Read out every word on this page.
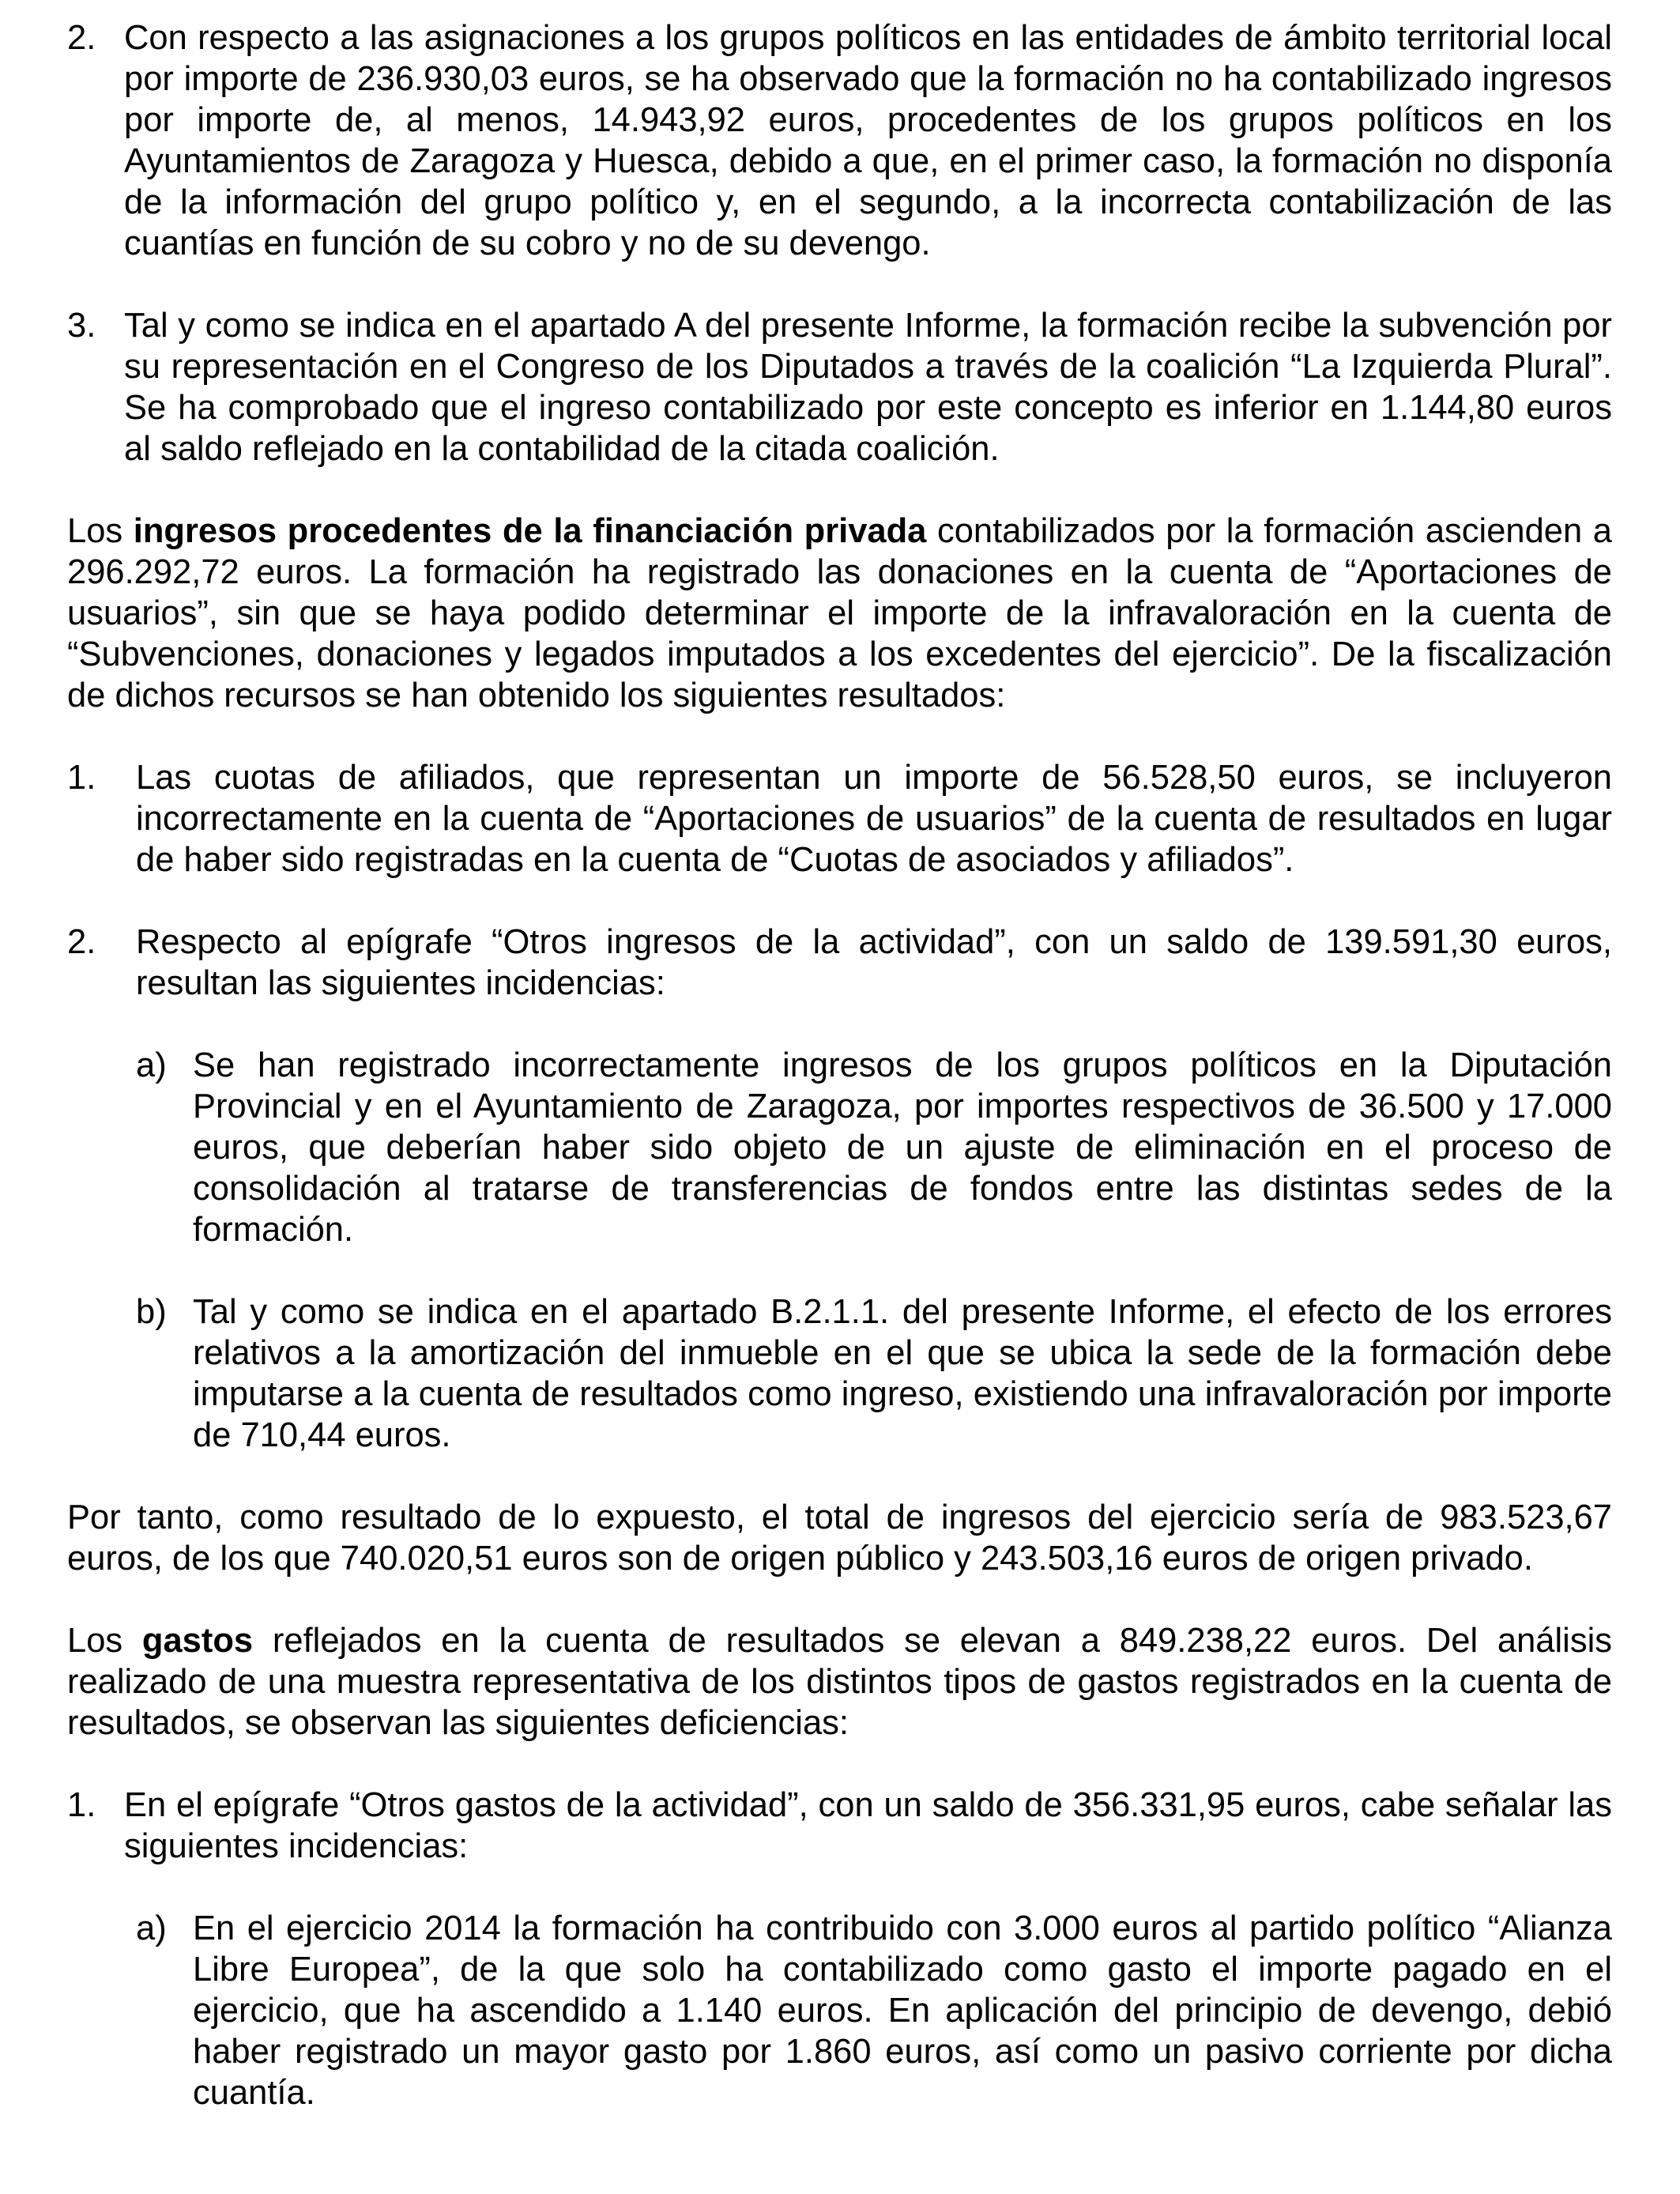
2. Con respecto a las asignaciones a los grupos políticos en las entidades de ámbito territorial local por importe de 236.930,03 euros, se ha observado que la formación no ha contabilizado ingresos por importe de, al menos, 14.943,92 euros, procedentes de los grupos políticos en los Ayuntamientos de Zaragoza y Huesca, debido a que, en el primer caso, la formación no disponía de la información del grupo político y, en el segundo, a la incorrecta contabilización de las cuantías en función de su cobro y no de su devengo.
3. Tal y como se indica en el apartado A del presente Informe, la formación recibe la subvención por su representación en el Congreso de los Diputados a través de la coalición “La Izquierda Plural”. Se ha comprobado que el ingreso contabilizado por este concepto es inferior en 1.144,80 euros al saldo reflejado en la contabilidad de la citada coalición.

Los ingresos procedentes de la financiación privada contabilizados por la formación ascienden a 296.292,72 euros. La formación ha registrado las donaciones en la cuenta de “Aportaciones de usuarios”, sin que se haya podido determinar el importe de la infravaloración en la cuenta de “Subvenciones, donaciones y legados imputados a los excedentes del ejercicio”. De la fiscalización de dichos recursos se han obtenido los siguientes resultados:

1. Las cuotas de afiliados, que representan un importe de 56.528,50 euros, se incluyeron incorrectamente en la cuenta de “Aportaciones de usuarios” de la cuenta de resultados en lugar de haber sido registradas en la cuenta de “Cuotas de asociados y afiliados”.
2. Respecto al epígrafe “Otros ingresos de la actividad”, con un saldo de 139.591,30 euros, resultan las siguientes incidencias:
a) Se han registrado incorrectamente ingresos de los grupos políticos en la Diputación Provincial y en el Ayuntamiento de Zaragoza, por importes respectivos de 36.500 y 17.000 euros, que deberían haber sido objeto de un ajuste de eliminación en el proceso de consolidación al tratarse de transferencias de fondos entre las distintas sedes de la formación.
b) Tal y como se indica en el apartado B.2.1.1. del presente Informe, el efecto de los errores relativos a la amortización del inmueble en el que se ubica la sede de la formación debe imputarse a la cuenta de resultados como ingreso, existiendo una infravaloración por importe de 710,44 euros.

Por tanto, como resultado de lo expuesto, el total de ingresos del ejercicio sería de 983.523,67 euros, de los que 740.020,51 euros son de origen público y 243.503,16 euros de origen privado.

Los gastos reflejados en la cuenta de resultados se elevan a 849.238,22 euros. Del análisis realizado de una muestra representativa de los distintos tipos de gastos registrados en la cuenta de resultados, se observan las siguientes deficiencias:

1. En el epígrafe “Otros gastos de la actividad”, con un saldo de 356.331,95 euros, cabe señalar las siguientes incidencias:
a) En el ejercicio 2014 la formación ha contribuido con 3.000 euros al partido político “Alianza Libre Europea”, de la que solo ha contabilizado como gasto el importe pagado en el ejercicio, que ha ascendido a 1.140 euros. En aplicación del principio de devengo, debió haber registrado un mayor gasto por 1.860 euros, así como un pasivo corriente por dicha cuantía.
